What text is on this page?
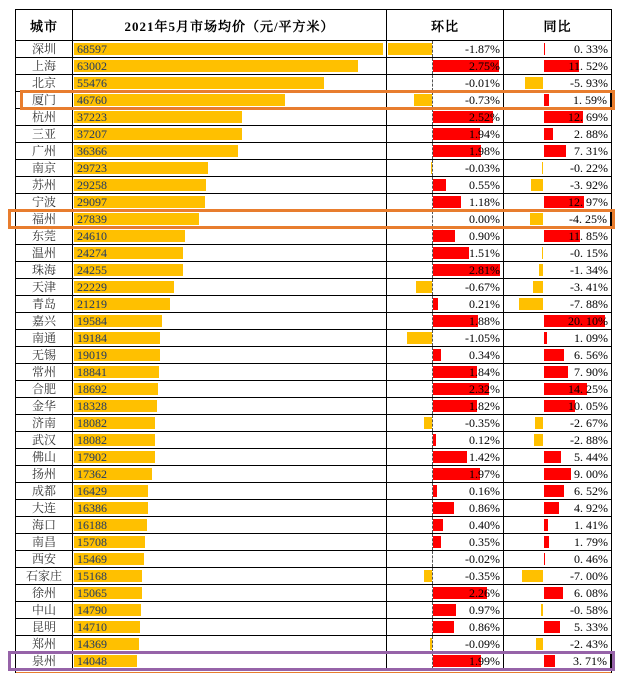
城市	2021年5月市场均价（元/平方米）	环比	同比
深圳	68597	-1.87%	0. 33%
上海	63002	2.75%	11. 52%
北京	55476	-0.01%	-5. 93%
厦门	46760	-0.73%	1. 59%
杭州	37223	2.52%	12. 69%
三亚	37207	1.94%	2. 88%
广州	36366	1.98%	7. 31%
南京	29723	-0.03%	-0. 22%
苏州	29258	0.55%	-3. 92%
宁波	29097	1.18%	12. 97%
福州	27839	0.00%	-4. 25%
东莞	24610	0.90%	11. 85%
温州	24274	1.51%	-0. 15%
珠海	24255	2.81%	-1. 34%
天津	22229	-0.67%	-3. 41%
青岛	21219	0.21%	-7. 88%
嘉兴	19584	1.88%	20. 10%
南通	19184	-1.05%	1. 09%
无锡	19019	0.34%	6. 56%
常州	18841	1.84%	7. 90%
合肥	18692	2.32%	14. 25%
金华	18328	1.82%	10. 05%
济南	18082	-0.35%	-2. 67%
武汉	18082	0.12%	-2. 88%
佛山	17902	1.42%	5. 44%
扬州	17362	1.97%	9. 00%
成都	16429	0.16%	6. 52%
大连	16386	0.86%	4. 92%
海口	16188	0.40%	1. 41%
南昌	15708	0.35%	1. 79%
西安	15469	-0.02%	0. 46%
石家庄	15168	-0.35%	-7. 00%
徐州	15065	2.26%	6. 08%
中山	14790	0.97%	-0. 58%
昆明	14710	0.86%	5. 33%
郑州	14369	-0.09%	-2. 43%
泉州	14048	1.99%	3. 71%
